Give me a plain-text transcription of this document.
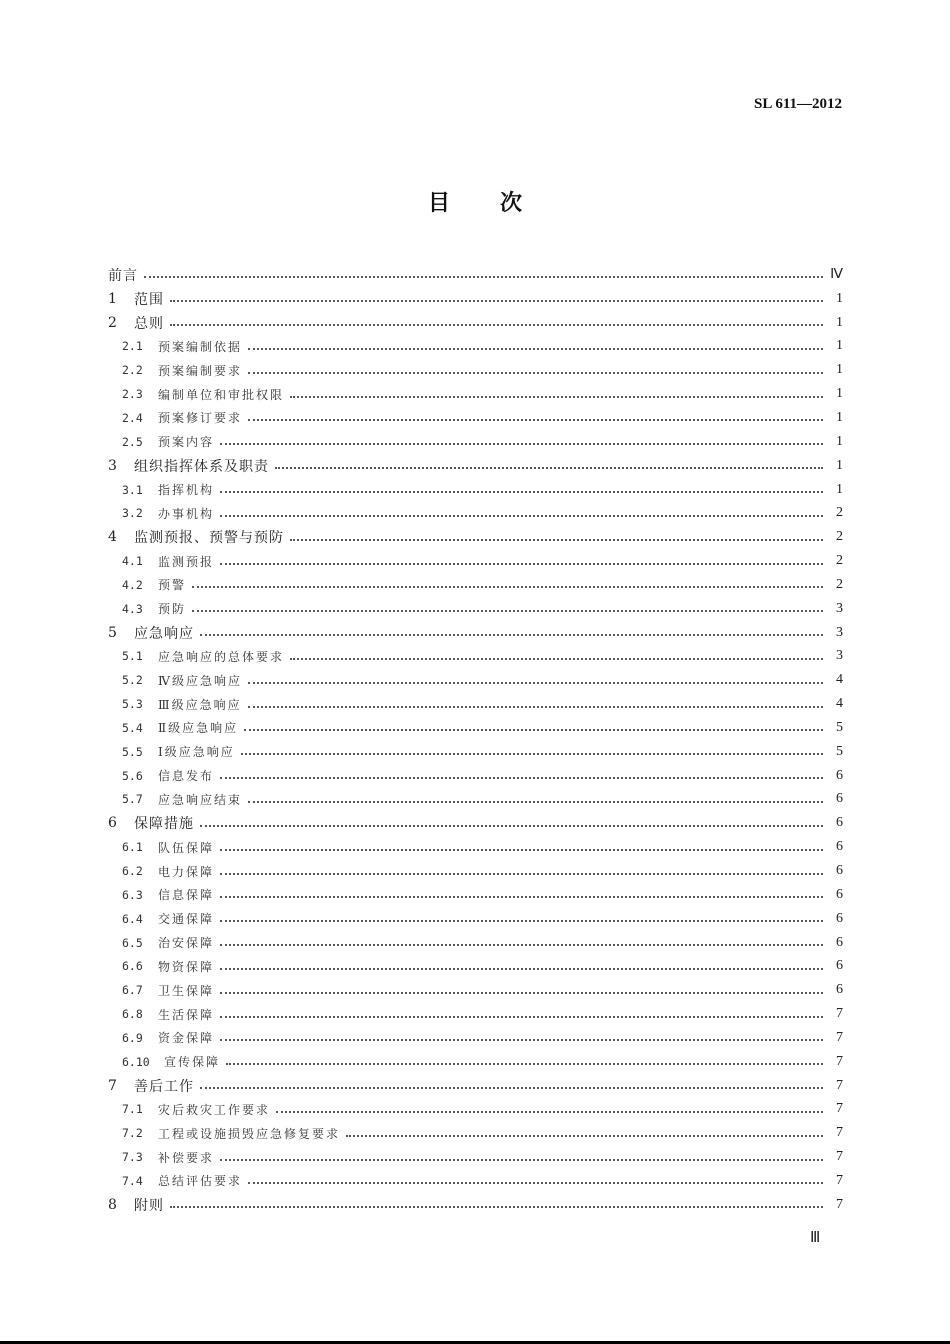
SL 611—2012
目次
前言	Ⅳ
1	范围	1
2	总则	1
2.1	预案编制依据	1
2.2	预案编制要求	1
2.3	编制单位和审批权限	1
2.4	预案修订要求	1
2.5	预案内容	1
3	组织指挥体系及职责	1
3.1	指挥机构	1
3.2	办事机构	2
4	监测预报、预警与预防	2
4.1	监测预报	2
4.2	预警	2
4.3	预防	3
5	应急响应	3
5.1	应急响应的总体要求	3
5.2	Ⅳ级应急响应	4
5.3	Ⅲ级应急响应	4
5.4	Ⅱ级应急响应	5
5.5	Ⅰ级应急响应	5
5.6	信息发布	6
5.7	应急响应结束	6
6	保障措施	6
6.1	队伍保障	6
6.2	电力保障	6
6.3	信息保障	6
6.4	交通保障	6
6.5	治安保障	6
6.6	物资保障	6
6.7	卫生保障	6
6.8	生活保障	7
6.9	资金保障	7
6.10	宣传保障	7
7	善后工作	7
7.1	灾后救灾工作要求	7
7.2	工程或设施损毁应急修复要求	7
7.3	补偿要求	7
7.4	总结评估要求	7
8	附则	7
Ⅲ
